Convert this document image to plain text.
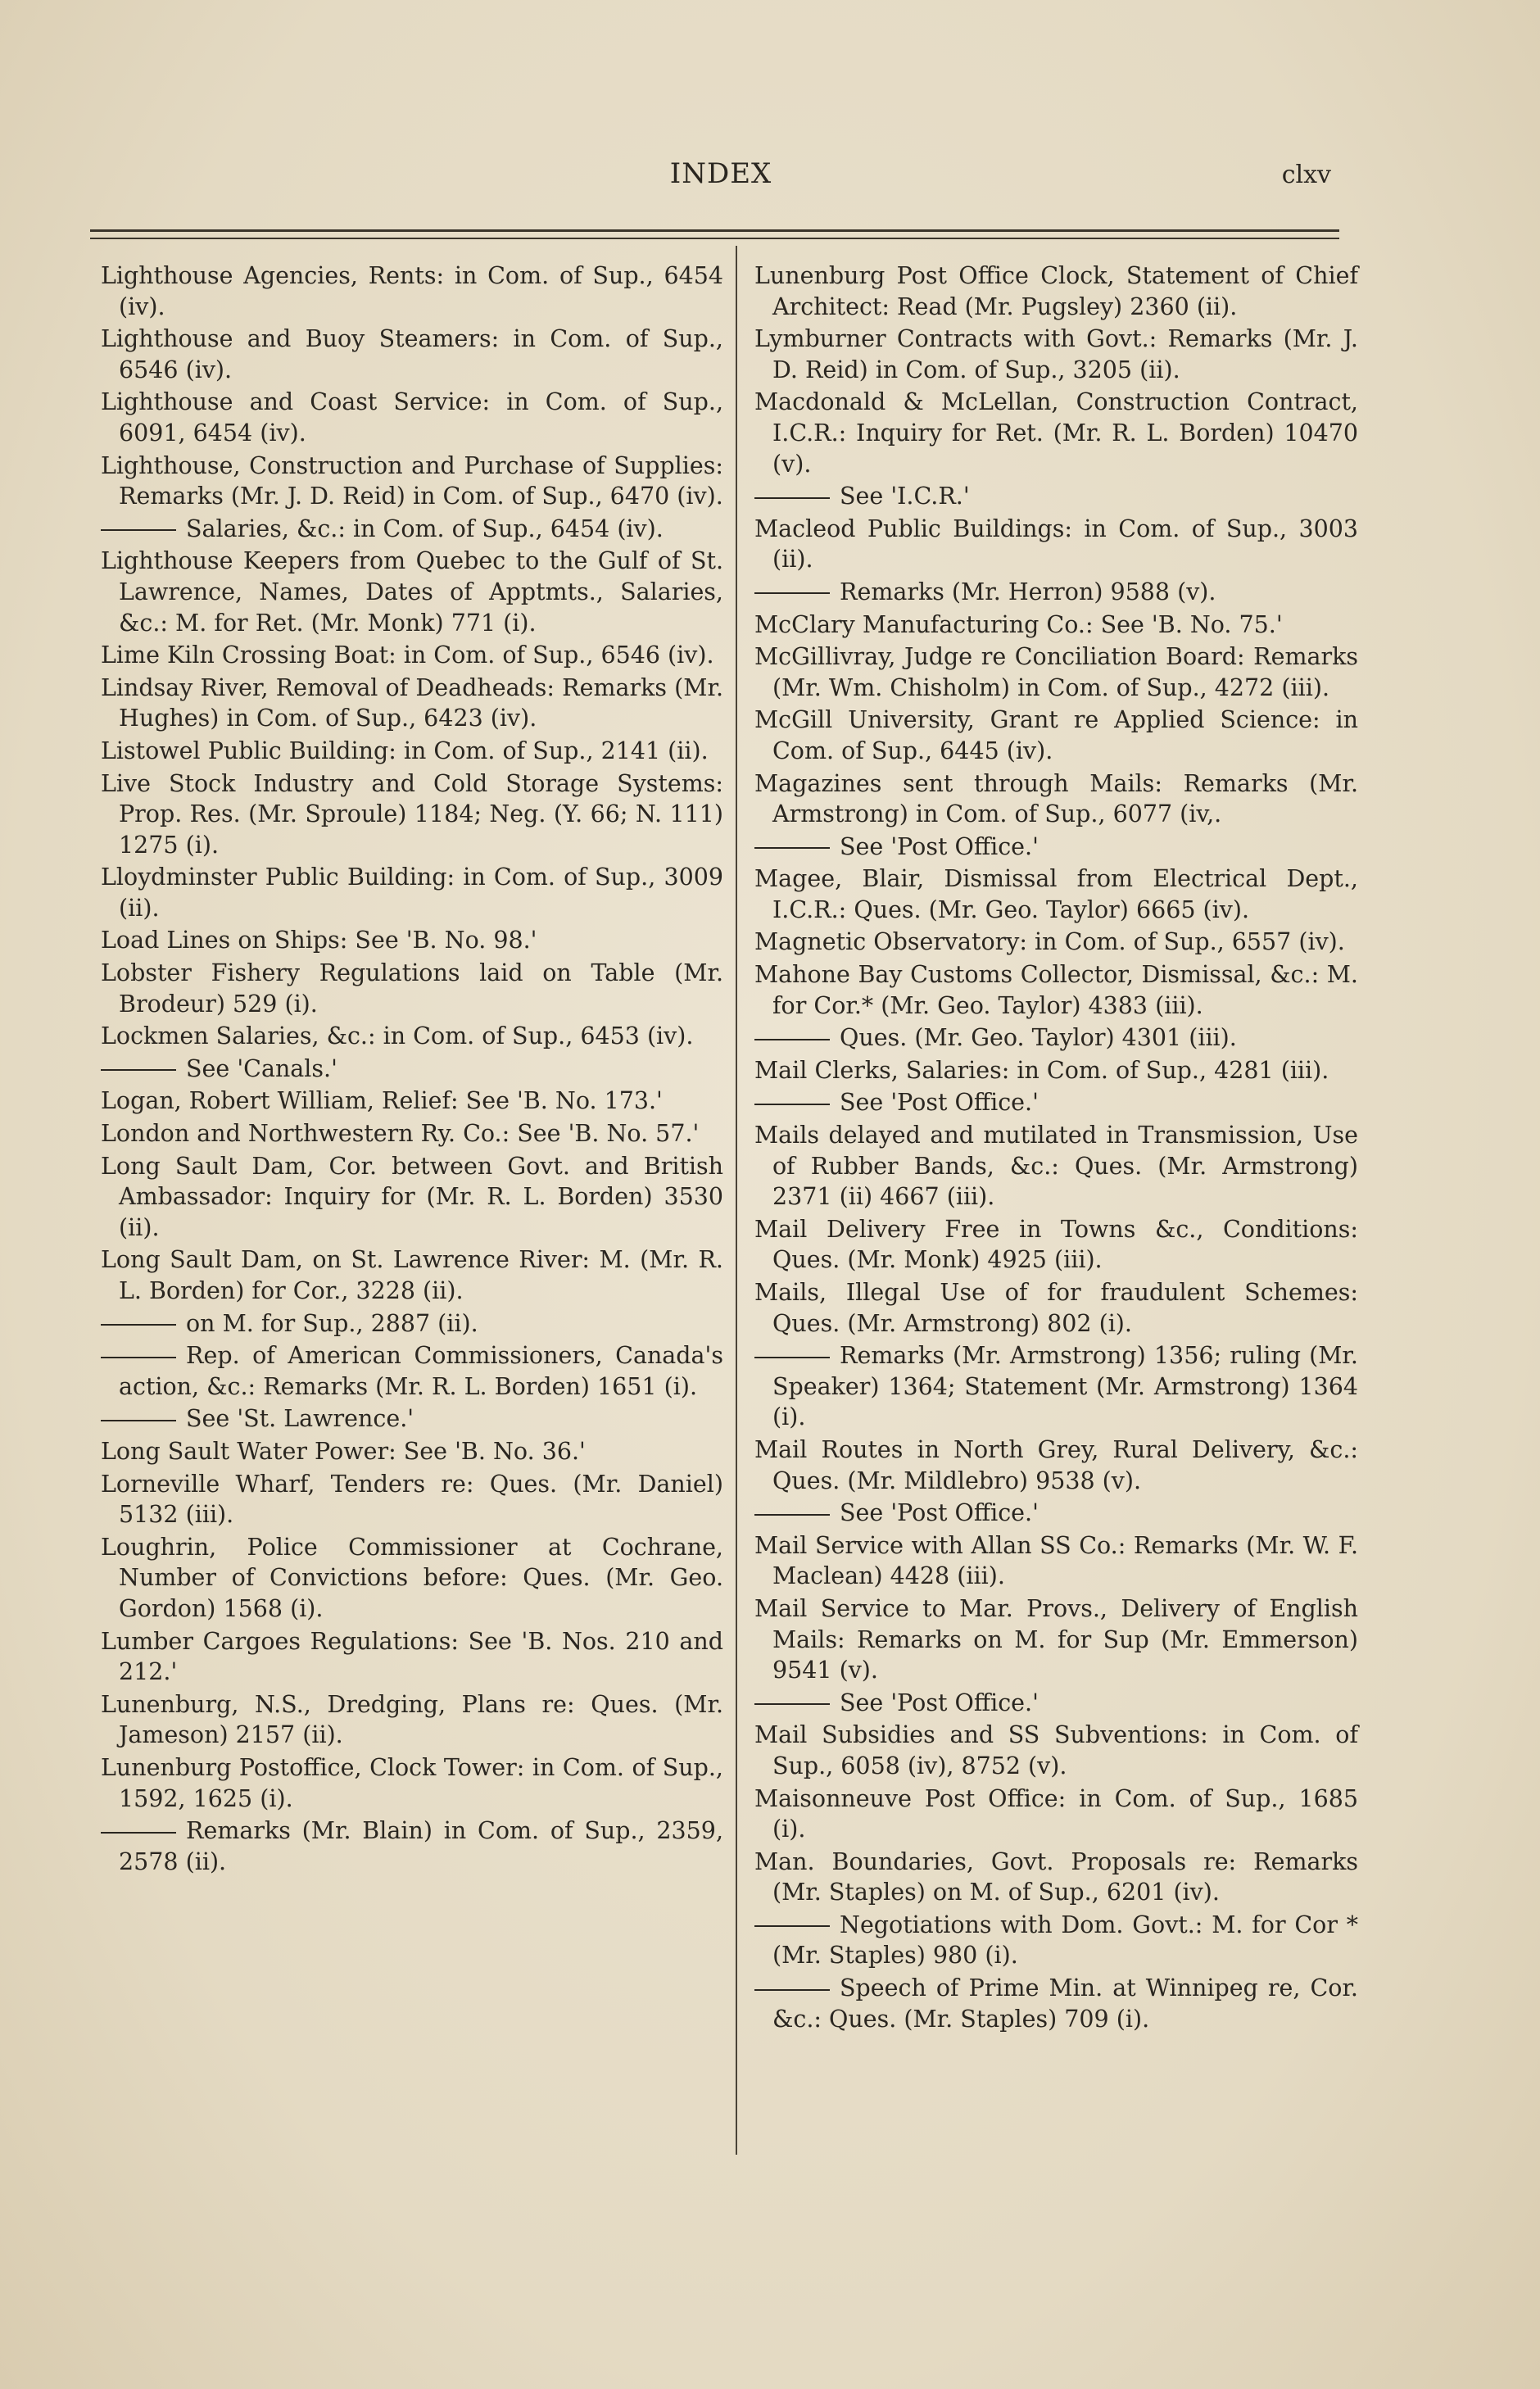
INDEX	clxv

Lighthouse Agencies, Rents: in Com. of Sup., 6454 (iv).

Lighthouse and Buoy Steamers: in Com. of Sup., 6546 (iv).

Lighthouse and Coast Service: in Com. of Sup., 6091, 6454 (iv).

Lighthouse, Construction and Purchase of Supplies: Remarks (Mr. J. D. Reid) in Com. of Sup., 6470 (iv).

Salaries, &c.: in Com. of Sup., 6454 (iv).

Lighthouse Keepers from Quebec to the Gulf of St. Lawrence, Names, Dates of Apptmts., Salaries, &c.: M. for Ret. (Mr. Monk) 771 (i).

Lime Kiln Crossing Boat: in Com. of Sup., 6546 (iv).

Lindsay River, Removal of Deadheads: Remarks (Mr. Hughes) in Com. of Sup., 6423 (iv).

Listowel Public Building: in Com. of Sup., 2141 (ii).

Live Stock Industry and Cold Storage Systems: Prop. Res. (Mr. Sproule) 1184; Neg. (Y. 66; N. 111) 1275 (i).

Lloydminster Public Building: in Com. of Sup., 3009 (ii).

Load Lines on Ships: See 'B. No. 98.'

Lobster Fishery Regulations laid on Table (Mr. Brodeur) 529 (i).

Lockmen Salaries, &c.: in Com. of Sup., 6453 (iv).

See 'Canals.'

Logan, Robert William, Relief: See 'B. No. 173.'

London and Northwestern Ry. Co.: See 'B. No. 57.'

Long Sault Dam, Cor. between Govt. and British Ambassador: Inquiry for (Mr. R. L. Borden) 3530 (ii).

Long Sault Dam, on St. Lawrence River: M. (Mr. R. L. Borden) for Cor., 3228 (ii).

on M. for Sup., 2887 (ii).

Rep. of American Commissioners, Canada's action, &c.: Remarks (Mr. R. L. Borden) 1651 (i).

See 'St. Lawrence.'

Long Sault Water Power: See 'B. No. 36.'

Lorneville Wharf, Tenders re: Ques. (Mr. Daniel) 5132 (iii).

Loughrin, Police Commissioner at Cochrane, Number of Convictions before: Ques. (Mr. Geo. Gordon) 1568 (i).

Lumber Cargoes Regulations: See 'B. Nos. 210 and 212.'

Lunenburg, N.S., Dredging, Plans re: Ques. (Mr. Jameson) 2157 (ii).

Lunenburg Postoffice, Clock Tower: in Com. of Sup., 1592, 1625 (i).

Remarks (Mr. Blain) in Com. of Sup., 2359, 2578 (ii).

Lunenburg Post Office Clock, Statement of Chief Architect: Read (Mr. Pugsley) 2360 (ii).

Lymburner Contracts with Govt.: Remarks (Mr. J. D. Reid) in Com. of Sup., 3205 (ii).

Macdonald & McLellan, Construction Contract, I.C.R.: Inquiry for Ret. (Mr. R. L. Borden) 10470 (v).

See 'I.C.R.'

Macleod Public Buildings: in Com. of Sup., 3003 (ii).

Remarks (Mr. Herron) 9588 (v).

McClary Manufacturing Co.: See 'B. No. 75.'

McGillivray, Judge re Conciliation Board: Remarks (Mr. Wm. Chisholm) in Com. of Sup., 4272 (iii).

McGill University, Grant re Applied Science: in Com. of Sup., 6445 (iv).

Magazines sent through Mails: Remarks (Mr. Armstrong) in Com. of Sup., 6077 (iv,.

See 'Post Office.'

Magee, Blair, Dismissal from Electrical Dept., I.C.R.: Ques. (Mr. Geo. Taylor) 6665 (iv).

Magnetic Observatory: in Com. of Sup., 6557 (iv).

Mahone Bay Customs Collector, Dismissal, &c.: M. for Cor.* (Mr. Geo. Taylor) 4383 (iii).

Ques. (Mr. Geo. Taylor) 4301 (iii).

Mail Clerks, Salaries: in Com. of Sup., 4281 (iii).

See 'Post Office.'

Mails delayed and mutilated in Transmission, Use of Rubber Bands, &c.: Ques. (Mr. Armstrong) 2371 (ii) 4667 (iii).

Mail Delivery Free in Towns &c., Conditions: Ques. (Mr. Monk) 4925 (iii).

Mails, Illegal Use of for fraudulent Schemes: Ques. (Mr. Armstrong) 802 (i).

Remarks (Mr. Armstrong) 1356; ruling (Mr. Speaker) 1364; Statement (Mr. Armstrong) 1364 (i).

Mail Routes in North Grey, Rural Delivery, &c.: Ques. (Mr. Mildlebro) 9538 (v).

See 'Post Office.'

Mail Service with Allan SS Co.: Remarks (Mr. W. F. Maclean) 4428 (iii).

Mail Service to Mar. Provs., Delivery of English Mails: Remarks on M. for Sup (Mr. Emmerson) 9541 (v).

See 'Post Office.'

Mail Subsidies and SS Subventions: in Com. of Sup., 6058 (iv), 8752 (v).

Maisonneuve Post Office: in Com. of Sup., 1685 (i).

Man. Boundaries, Govt. Proposals re: Remarks (Mr. Staples) on M. of Sup., 6201 (iv).

Negotiations with Dom. Govt.: M. for Cor *(Mr. Staples) 980 (i).

Speech of Prime Min. at Winnipeg re, Cor. &c.: Ques. (Mr. Staples) 709 (i).
